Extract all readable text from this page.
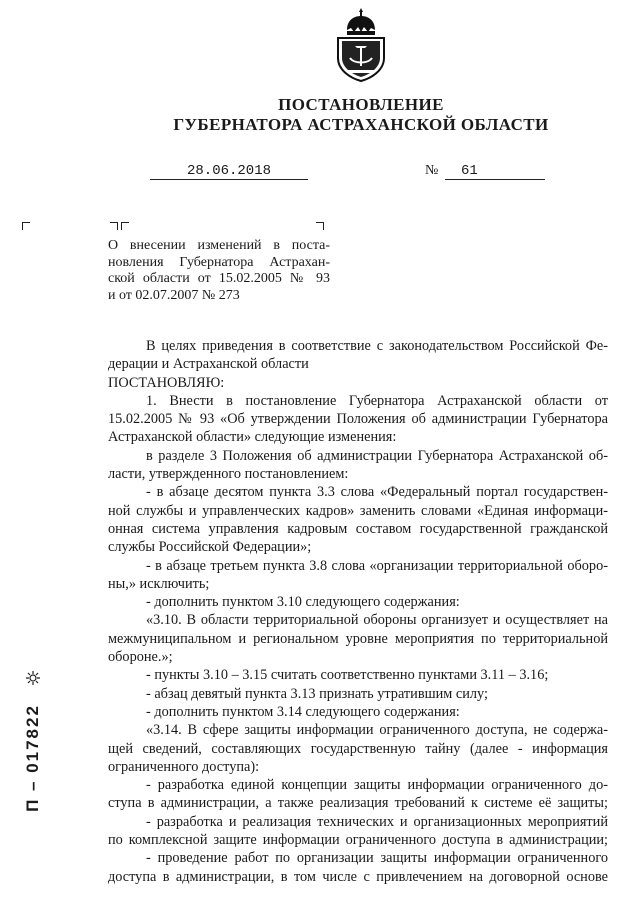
ПОСТАНОВЛЕНИЕ
ГУБЕРНАТОРА АСТРАХАНСКОЙ ОБЛАСТИ
28.06.2018	№	61
О внесении изменений в поста-
новления Губернатора Астрахан-
ской области от 15.02.2005 № 93
и от 02.07.2007 № 273
В целях приведения в соответствие с законодательством Российской Фе-
дерации и Астраханской области
ПОСТАНОВЛЯЮ:
1. Внести в постановление Губернатора Астраханской области от
15.02.2005 № 93 «Об утверждении Положения об администрации Губернатора
Астраханской области» следующие изменения:
в разделе 3 Положения об администрации Губернатора Астраханской об-
ласти, утвержденного постановлением:
- в абзаце десятом пункта 3.3 слова «Федеральный портал государствен-
ной службы и управленческих кадров» заменить словами «Единая информаци-
онная система управления кадровым составом государственной гражданской
службы Российской Федерации»;
- в абзаце третьем пункта 3.8 слова «организации территориальной оборо-
ны,» исключить;
- дополнить пунктом 3.10 следующего содержания:
«3.10. В области территориальной обороны организует и осуществляет на
межмуниципальном и региональном уровне мероприятия по территориальной
обороне.»;
- пункты 3.10 – 3.15 считать соответственно пунктами 3.11 – 3.16;
- абзац девятый пункта 3.13 признать утратившим силу;
- дополнить пунктом 3.14 следующего содержания:
«3.14. В сфере защиты информации ограниченного доступа, не содержа-
щей сведений, составляющих государственную тайну (далее - информация
ограниченного доступа):
- разработка единой концепции защиты информации ограниченного до-
ступа в администрации, а также реализация требований к системе её защиты;
- разработка и реализация технических и организационных мероприятий
по комплексной защите информации ограниченного доступа в администрации;
- проведение работ по организации защиты информации ограниченного
доступа в администрации, в том числе с привлечением на договорной основе
П – 017822
